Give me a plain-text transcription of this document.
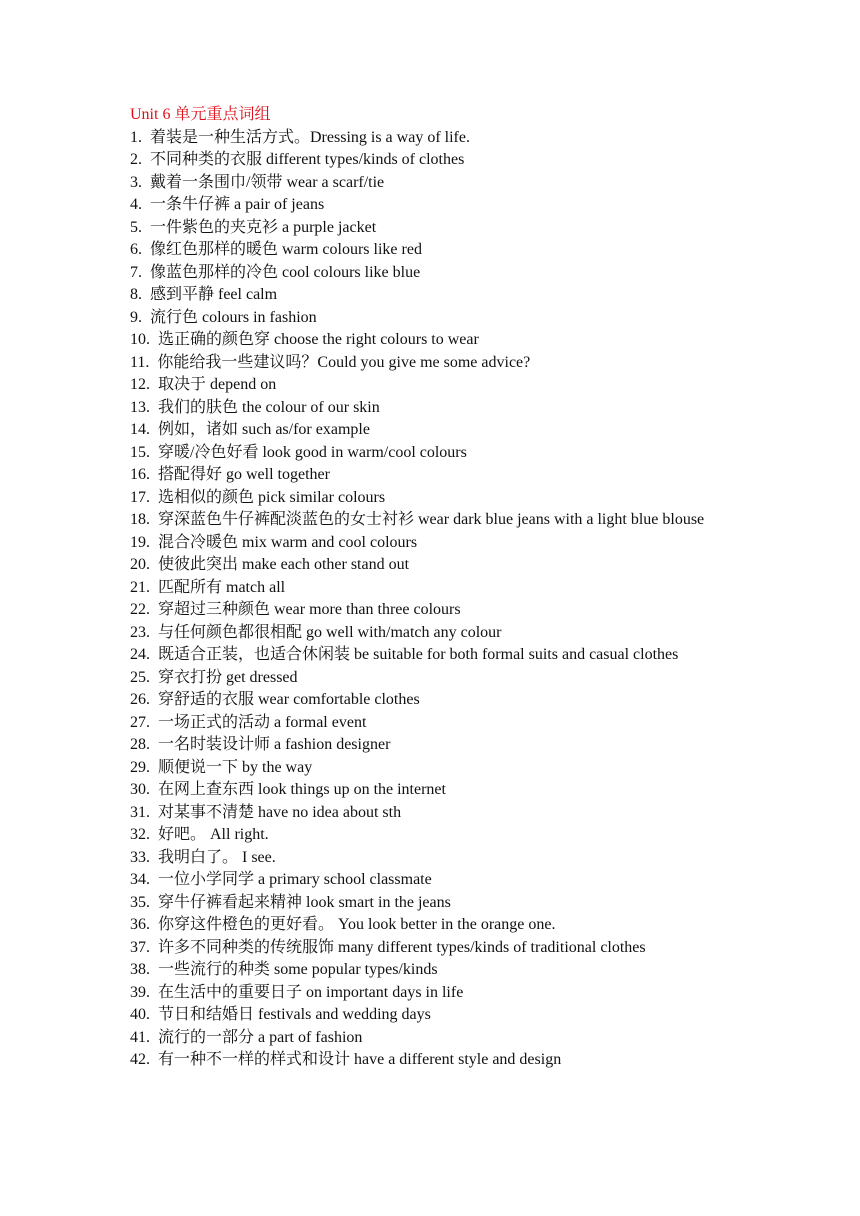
Unit 6 单元重点词组
1. 着装是一种生活方式。Dressing is a way of life.
2. 不同种类的衣服 different types/kinds of clothes
3. 戴着一条围巾/领带 wear a scarf/tie
4. 一条牛仔裤 a pair of jeans
5. 一件紫色的夹克衫 a purple jacket
6. 像红色那样的暖色 warm colours like red
7. 像蓝色那样的冷色 cool colours like blue
8. 感到平静 feel calm
9. 流行色 colours in fashion
10. 选正确的颜色穿 choose the right colours to wear
11. 你能给我一些建议吗？Could you give me some advice?
12. 取决于 depend on
13. 我们的肤色 the colour of our skin
14. 例如，诸如 such as/for example
15. 穿暖/冷色好看 look good in warm/cool colours
16. 搭配得好 go well together
17. 选相似的颜色 pick similar colours
18. 穿深蓝色牛仔裤配淡蓝色的女士衬衫 wear dark blue jeans with a light blue blouse
19. 混合冷暖色 mix warm and cool colours
20. 使彼此突出 make each other stand out
21. 匹配所有 match all
22. 穿超过三种颜色 wear more than three colours
23. 与任何颜色都很相配 go well with/match any colour
24. 既适合正装，也适合休闲装 be suitable for both formal suits and casual clothes
25. 穿衣打扮 get dressed
26. 穿舒适的衣服 wear comfortable clothes
27. 一场正式的活动 a formal event
28. 一名时装设计师 a fashion designer
29. 顺便说一下 by the way
30. 在网上查东西 look things up on the internet
31. 对某事不清楚 have no idea about sth
32. 好吧。 All right.
33. 我明白了。 I see.
34. 一位小学同学 a primary school classmate
35. 穿牛仔裤看起来精神 look smart in the jeans
36. 你穿这件橙色的更好看。 You look better in the orange one.
37. 许多不同种类的传统服饰 many different types/kinds of traditional clothes
38. 一些流行的种类 some popular types/kinds
39. 在生活中的重要日子 on important days in life
40. 节日和结婚日 festivals and wedding days
41. 流行的一部分 a part of fashion
42. 有一种不一样的样式和设计 have a different style and design
